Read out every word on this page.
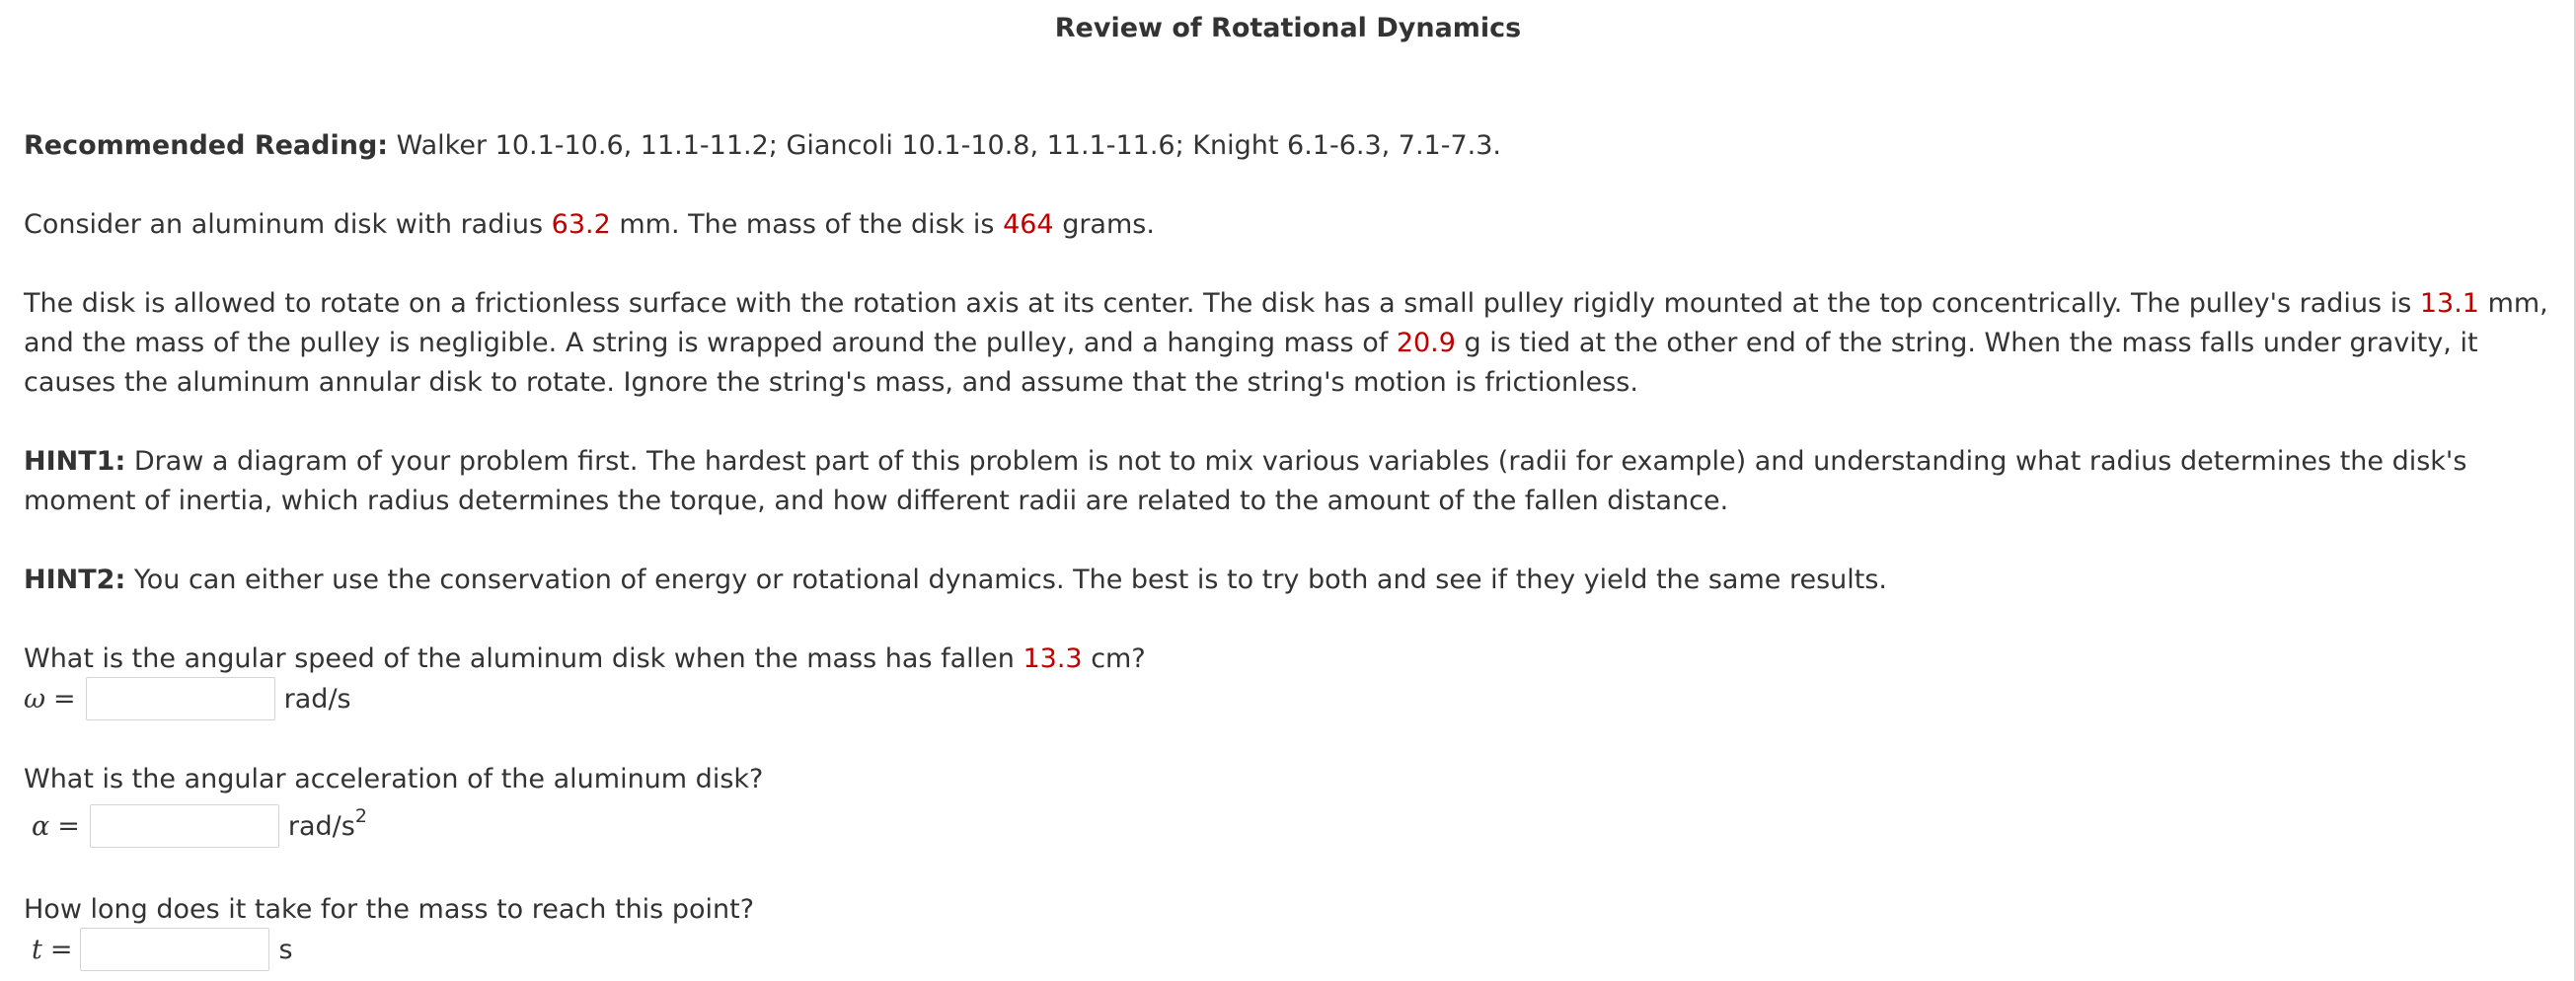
Review of Rotational Dynamics

Recommended Reading: Walker 10.1-10.6, 11.1-11.2; Giancoli 10.1-10.8, 11.1-11.6; Knight 6.1-6.3, 7.1-7.3.

Consider an aluminum disk with radius 63.2 mm. The mass of the disk is 464 grams.

The disk is allowed to rotate on a frictionless surface with the rotation axis at its center. The disk has a small pulley rigidly mounted at the top concentrically. The pulley's radius is 13.1 mm, and the mass of the pulley is negligible. A string is wrapped around the pulley, and a hanging mass of 20.9 g is tied at the other end of the string. When the mass falls under gravity, it causes the aluminum annular disk to rotate. Ignore the string's mass, and assume that the string's motion is frictionless.

HINT1: Draw a diagram of your problem first. The hardest part of this problem is not to mix various variables (radii for example) and understanding what radius determines the disk's moment of inertia, which radius determines the torque, and how different radii are related to the amount of the fallen distance.

HINT2: You can either use the conservation of energy or rotational dynamics. The best is to try both and see if they yield the same results.

What is the angular speed of the aluminum disk when the mass has fallen 13.3 cm?

ω =	rad/s

What is the angular acceleration of the aluminum disk?

α =	rad/$s^2$

How long does it take for the mass to reach this point?

t =	s
